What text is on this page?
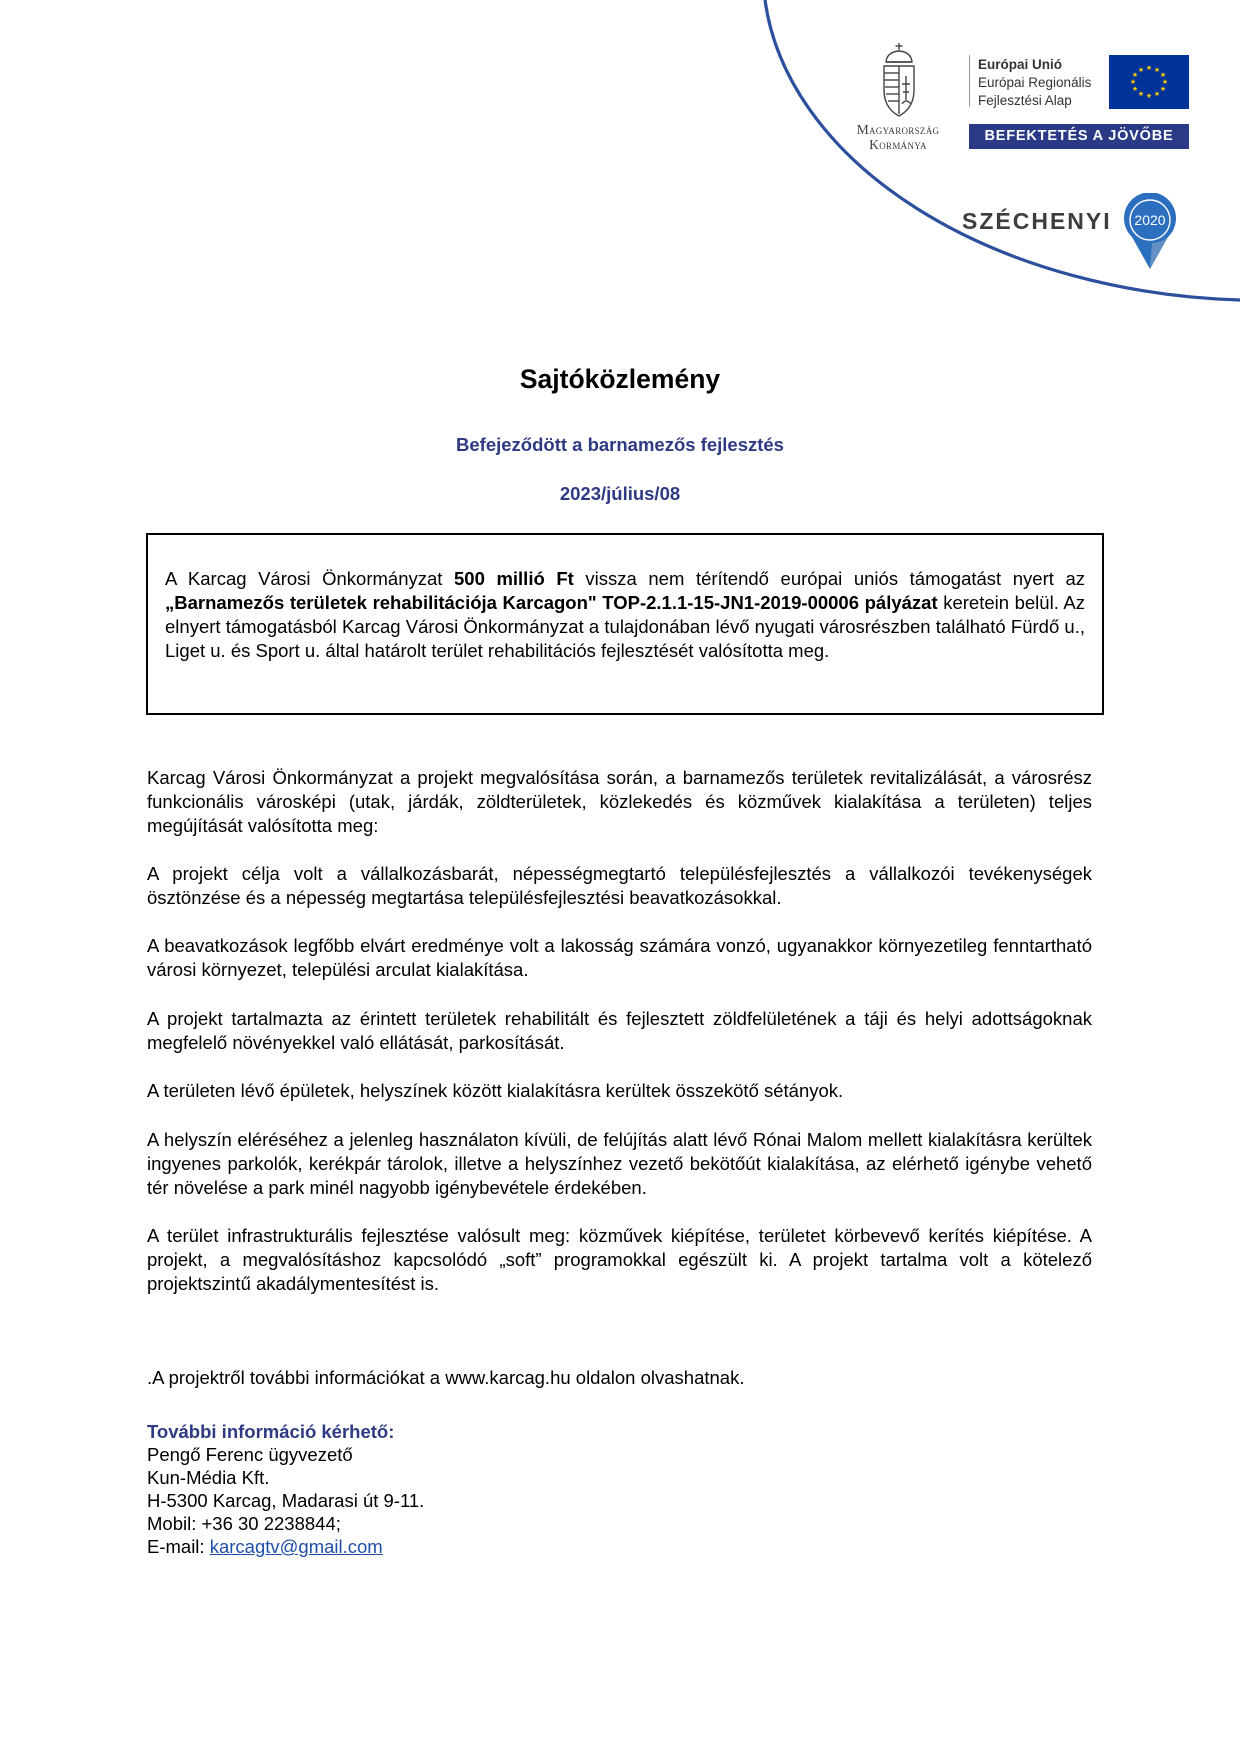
Magyarország
Kormánya
Európai Unió
Európai Regionális
Fejlesztési Alap
★ ★
★
★
★
★
★
★
★
★
★
★
BEFEKTETÉS A JÖVŐBE
SZÉCHENYI 2020
Sajtóközlemény
Befejeződött a barnamezős fejlesztés
2023/július/08

A Karcag Városi Önkormányzat 500 millió Ft vissza nem térítendő európai uniós támogatást nyert az „Barnamezős területek rehabilitációja Karcagon" TOP-2.1.1-15-JN1-2019-00006 pályázat keretein belül. Az elnyert támogatásból Karcag Városi Önkormányzat a tulajdonában lévő nyugati városrészben található Fürdő u., Liget u. és Sport u. által határolt terület rehabilitációs fejlesztését valósította meg.

Karcag Városi Önkormányzat a projekt megvalósítása során, a barnamezős területek revitalizálását, a városrész funkcionális városképi (utak, járdák, zöldterületek, közlekedés és közművek kialakítása a területen) teljes megújítását valósította meg:

A projekt célja volt a vállalkozásbarát, népességmegtartó településfejlesztés a vállalkozói tevékenységek ösztönzése és a népesség megtartása településfejlesztési beavatkozásokkal.

A beavatkozások legfőbb elvárt eredménye volt a lakosság számára vonzó, ugyanakkor környezetileg fenntartható városi környezet, települési arculat kialakítása.

A projekt tartalmazta az érintett területek rehabilitált és fejlesztett zöldfelületének a táji és helyi adottságoknak megfelelő növényekkel való ellátását, parkosítását.

A területen lévő épületek, helyszínek között kialakításra kerültek összekötő sétányok.

A helyszín eléréséhez a jelenleg használaton kívüli, de felújítás alatt lévő Rónai Malom mellett kialakításra kerültek ingyenes parkolók, kerékpár tárolok, illetve a helyszínhez vezető bekötőút kialakítása, az elérhető igénybe vehető tér növelése a park minél nagyobb igénybevétele érdekében.

A terület infrastrukturális fejlesztése valósult meg: közművek kiépítése, területet körbevevő kerítés kiépítése. A projekt, a megvalósításhoz kapcsolódó „soft” programokkal egészült ki. A projekt tartalma volt a kötelező projektszintű akadálymentesítést is.

.A projektről további információkat a www.karcag.hu oldalon olvashatnak.

További információ kérhető:
Pengő Ferenc ügyvezető
Kun-Média Kft.
H-5300 Karcag, Madarasi út 9-11.
Mobil: +36 30 2238844;
E-mail: karcagtv@gmail.com
